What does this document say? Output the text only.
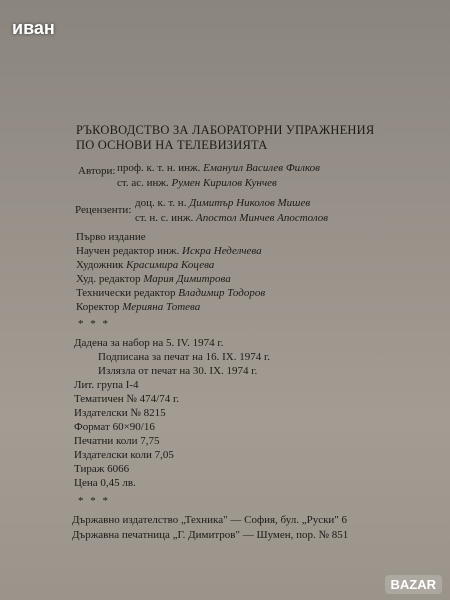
иван
РЪКОВОДСТВО ЗА ЛАБОРАТОРНИ УПРАЖНЕНИЯ
ПО ОСНОВИ НА ТЕЛЕВИЗИЯТА
Автори: проф. к. т. н. инж. Емануил Василев Филков
ст. ас. инж. Румен Кирилов Кунчев
Рецензенти:
доц. к. т. н. Димитър Николов Мишев
ст. н. с. инж. Апостол Минчев Апостолов
Първо издание
Научен редактор инж. Искра Неделчева
Художник Красимира Коцева
Худ. редактор Мария Димитрова
Технически редактор Владимир Тодоров
Коректор Мерияна Тотева
* * *
Дадена за набор на 5. IV. 1974 г.
Подписана за печат на 16. IX. 1974 г.
Излязла от печат на 30. IX. 1974 г.
Лит. група I-4
Тематичен № 474/74 г.
Издателски № 8215
Формат 60×90/16
Печатни коли 7,75
Издателски коли 7,05
Тираж 6066
Цена 0,45 лв.
* * *
Държавно издателство „Техника" — София, бул. „Руски" 6
Държавна печатница „Г. Димитров" — Шумен, пор. № 851
BAZAR
